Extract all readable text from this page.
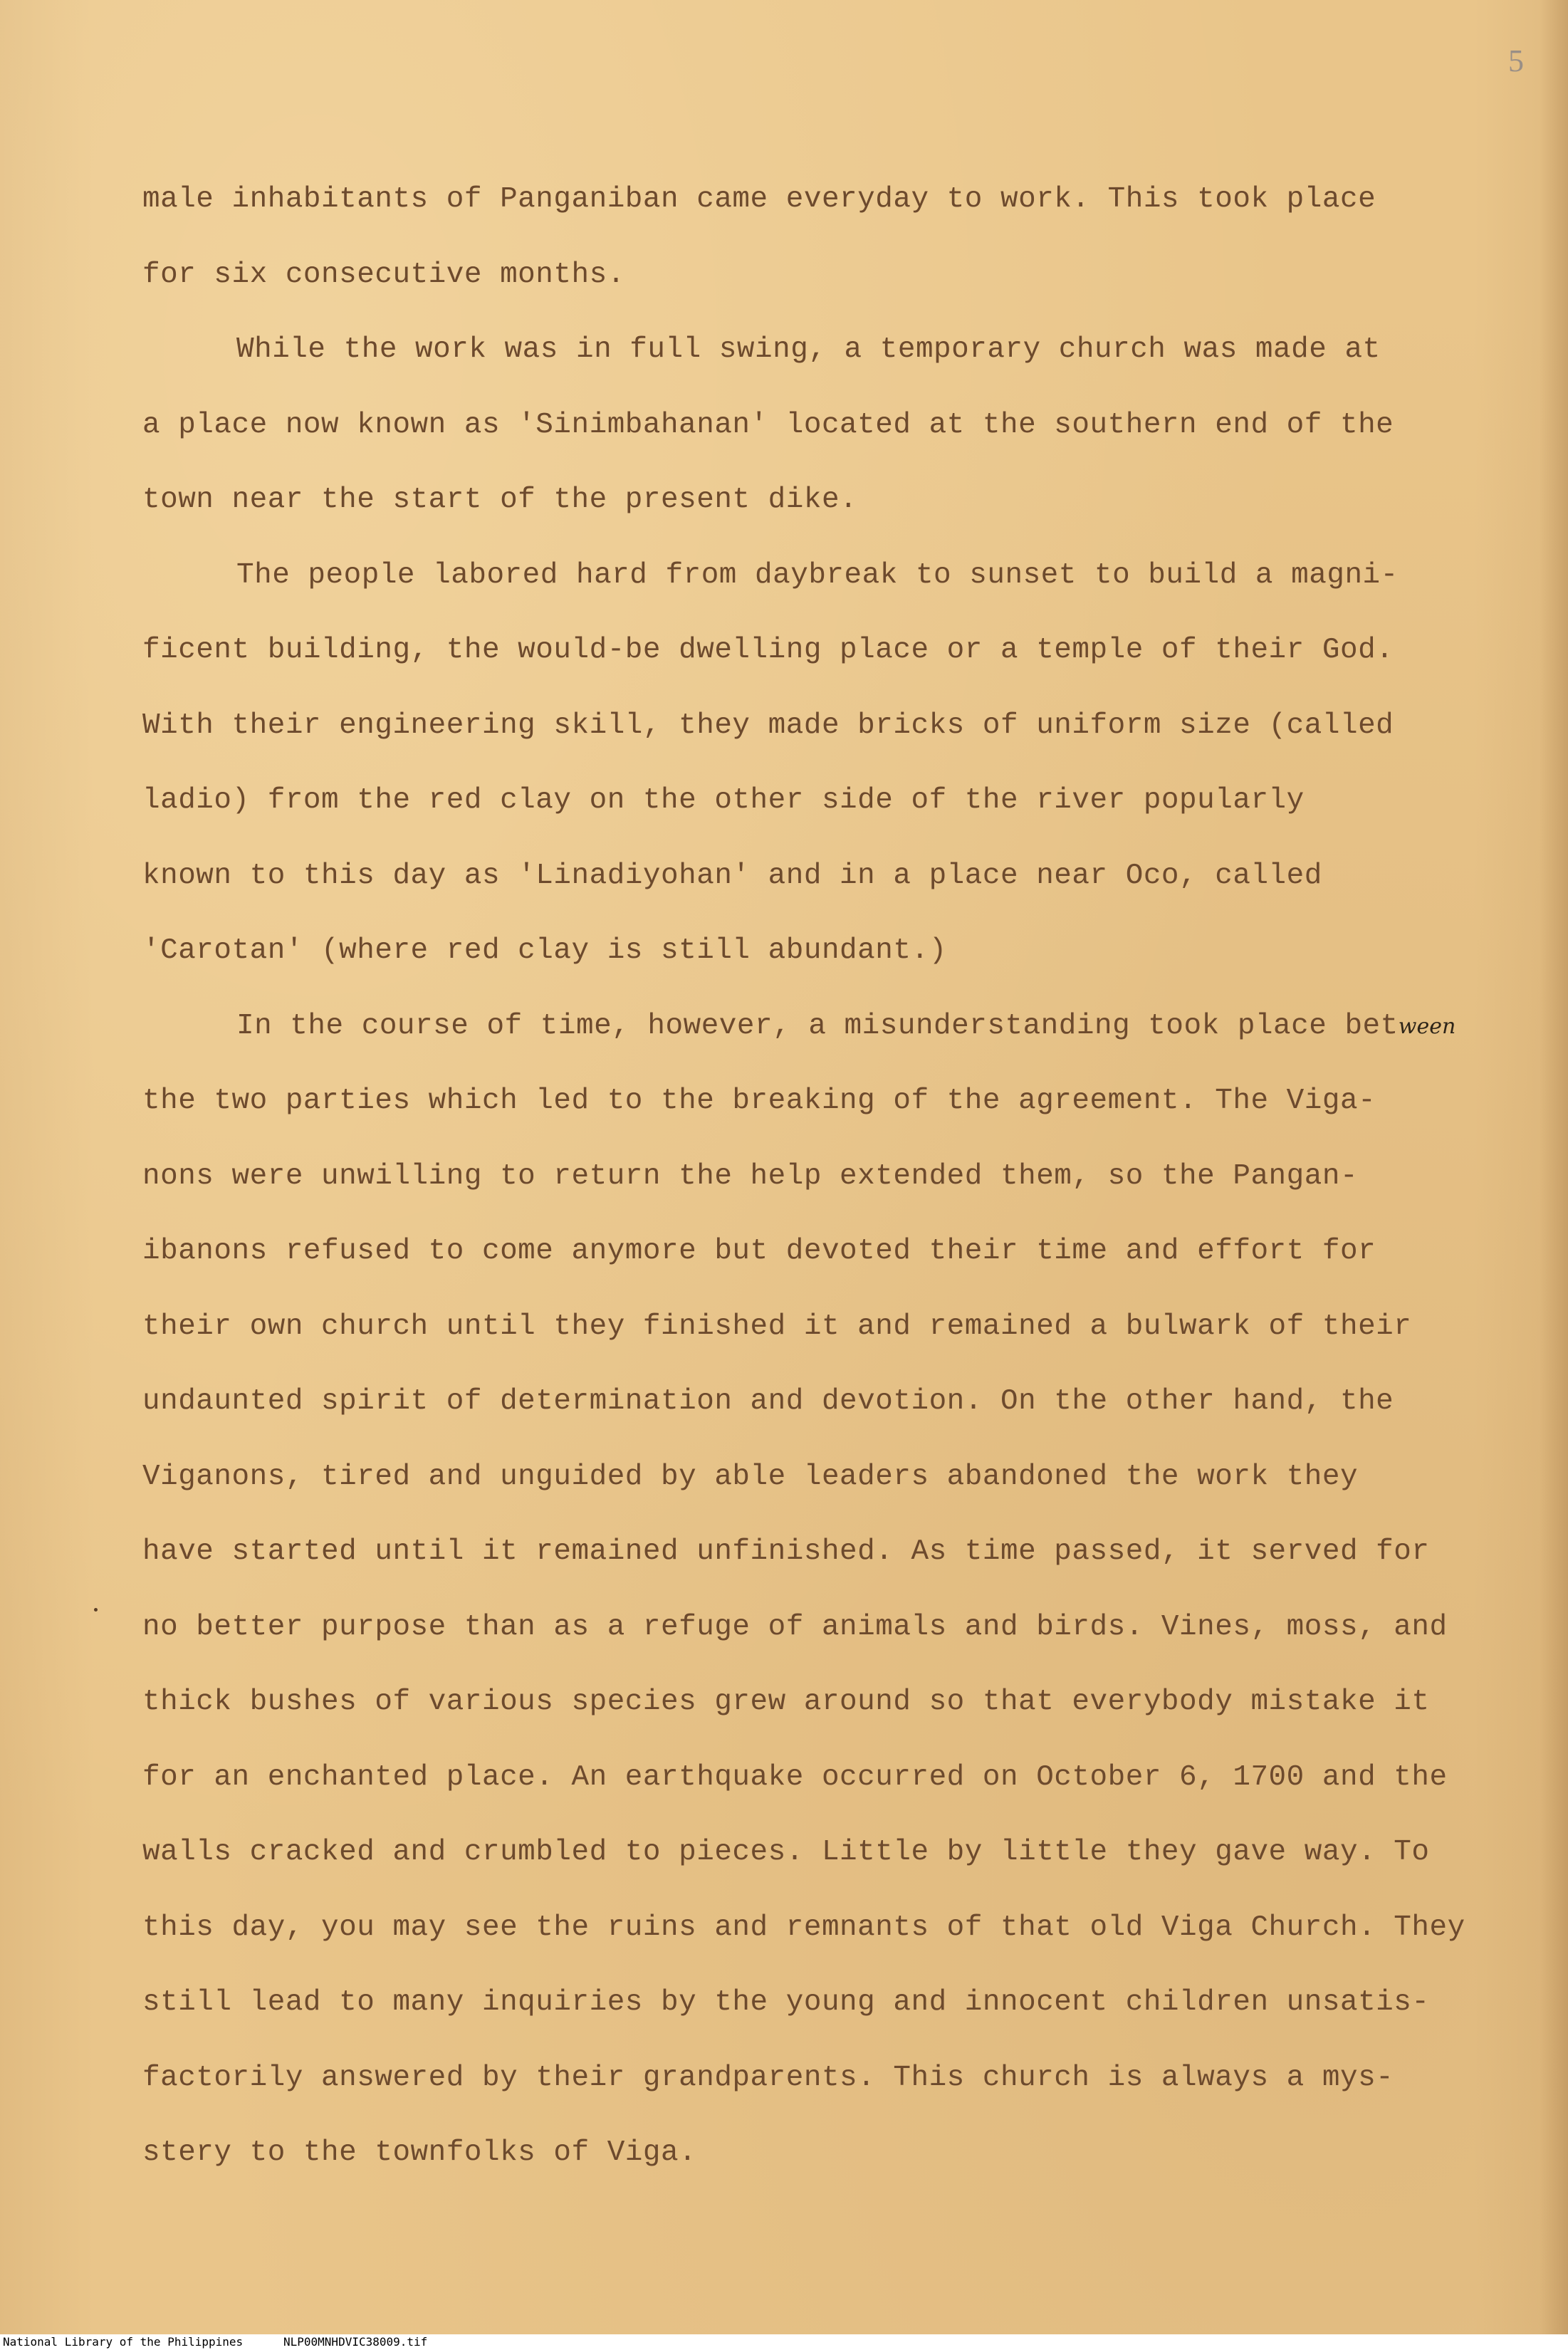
5
male inhabitants of Panganiban came everyday to work. This took place
for six consecutive months.
While the work was in full swing, a temporary church was made at
a place now known as 'Sinimbahanan' located at the southern end of the
town near the start of the present dike.
The people labored hard from daybreak to sunset to build a magni-
ficent building, the would-be dwelling place or a temple of their God.
With their engineering skill, they made bricks of uniform size (called
ladio) from the red clay on the other side of the river popularly
known to this day as 'Linadiyohan' and in a place near Oco, called
'Carotan' (where red clay is still abundant.)
In the course of time, however, a misunderstanding took place between
the two parties which led to the breaking of the agreement. The Viga-
nons were unwilling to return the help extended them, so the Pangan-
ibanons refused to come anymore but devoted their time and effort for
their own church until they finished it and remained a bulwark of their
undaunted spirit of determination and devotion. On the other hand, the
Viganons, tired and unguided by able leaders abandoned the work they
have started until it remained unfinished. As time passed, it served for
no better purpose than as a refuge of animals and birds. Vines, moss, and
thick bushes of various species grew around so that everybody mistake it
for an enchanted place. An earthquake occurred on October 6, 1700 and the
walls cracked and crumbled to pieces. Little by little they gave way. To
this day, you may see the ruins and remnants of that old Viga Church. They
still lead to many inquiries by the young and innocent children unsatis-
factorily answered by their grandparents. This church is always a mys-
stery to the townfolks of Viga.
National Library of the Philippines	NLP00MNHDVIC38009.tif
